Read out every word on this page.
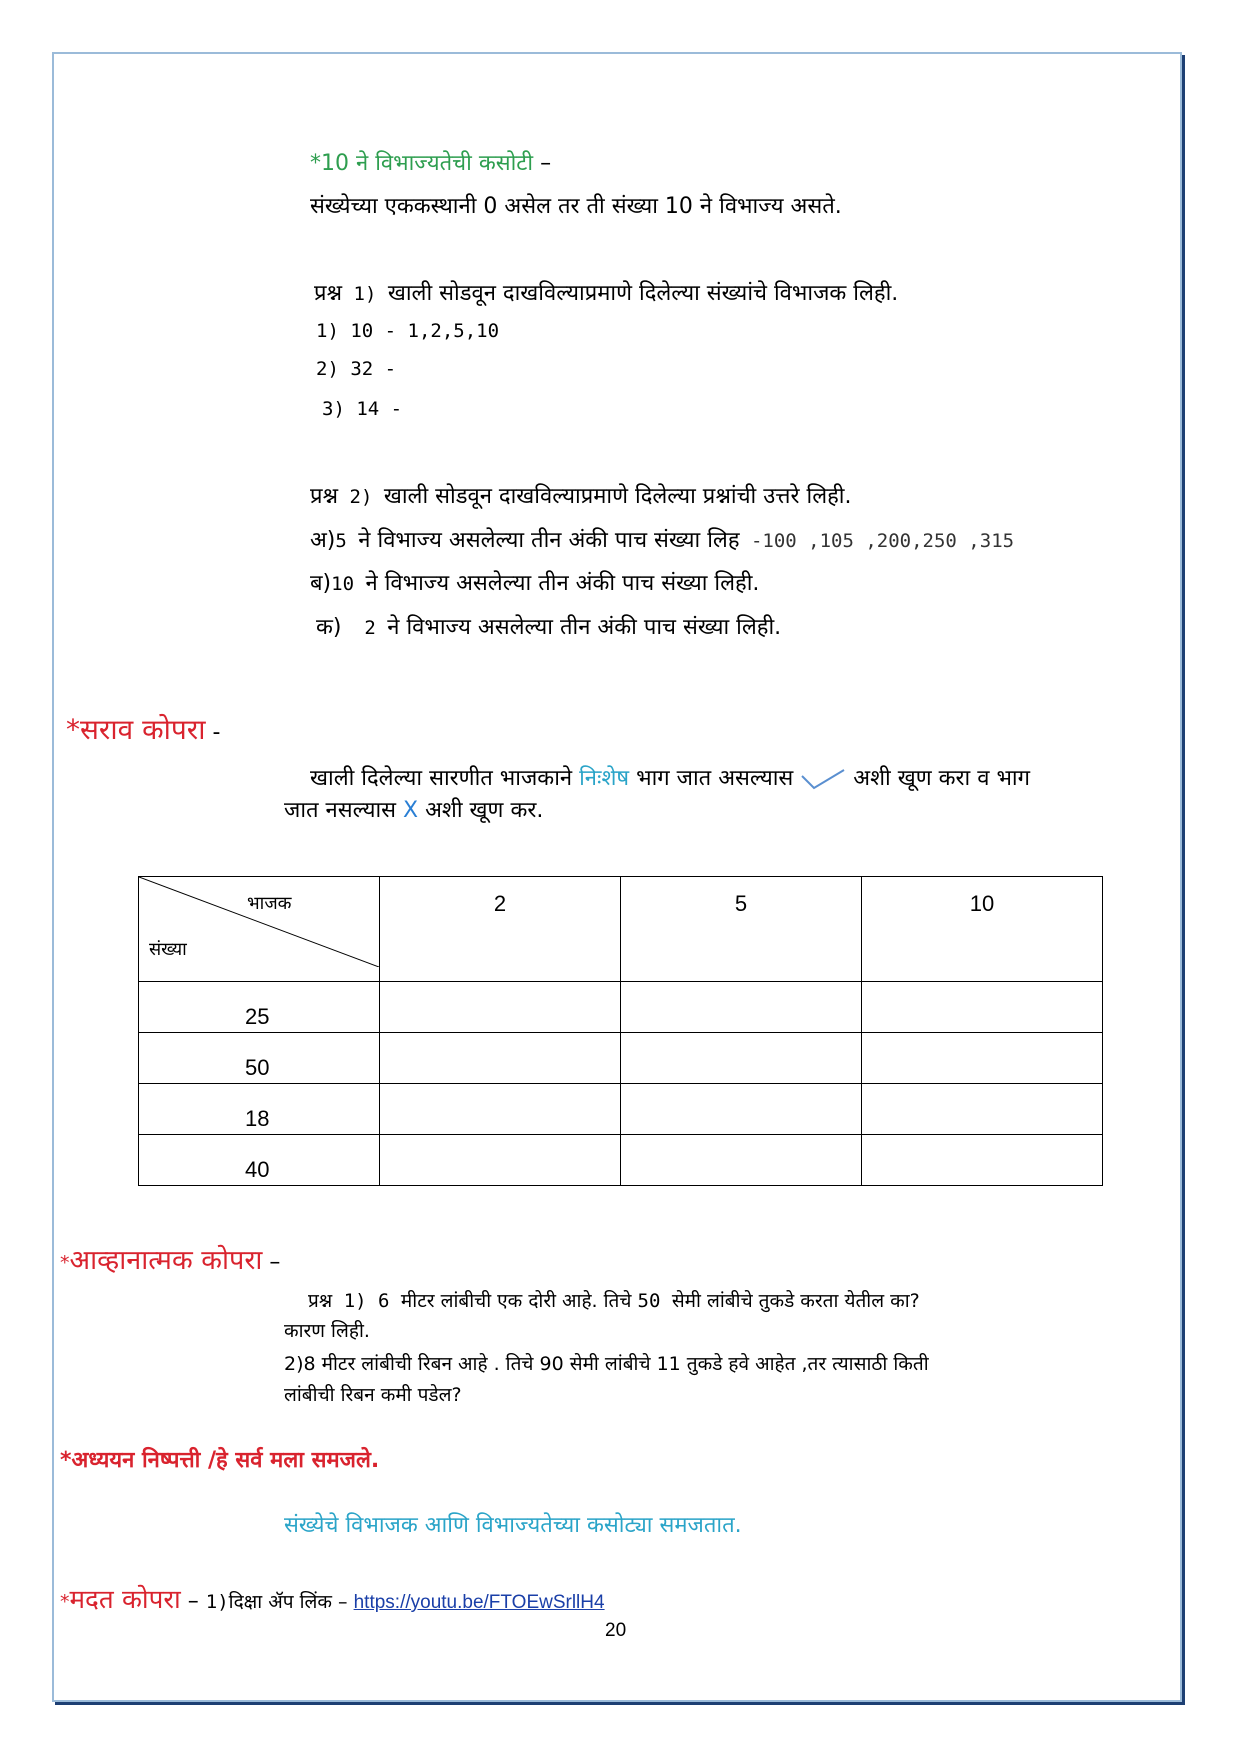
*10 ने विभाज्यतेची कसोटी –
संख्येच्या एककस्थानी 0 असेल तर ती संख्या 10 ने विभाज्य असते.
प्रश्न 1) खाली सोडवून दाखविल्याप्रमाणे दिलेल्या संख्यांचे विभाजक लिही.
1) 10 - 1,2,5,10
2) 32 -
3) 14 -
प्रश्न 2) खाली सोडवून दाखविल्याप्रमाणे दिलेल्या प्रश्नांची उत्तरे लिही.
अ)5 ने विभाज्य असलेल्या तीन अंकी पाच संख्या लिह -100 ,105 ,200,250 ,315
ब)10 ने विभाज्य असलेल्या तीन अंकी पाच संख्या लिही.
क)  2 ने विभाज्य असलेल्या तीन अंकी पाच संख्या लिही.
*सराव कोपरा -
खाली दिलेल्या सारणीत भाजकाने निःशेष भाग जात असल्यास  अशी खूण करा व भाग
जात नसल्यास X अशी खूण कर.
भाजक
संख्या	2	5	10
25			
50			
18			
40			
*आव्हानात्मक कोपरा –
प्रश्न 1) 6 मीटर लांबीची एक दोरी आहे. तिचे 50 सेमी लांबीचे तुकडे करता येतील का?
कारण लिही.
2)8 मीटर लांबीची रिबन आहे . तिचे 90 सेमी लांबीचे 11 तुकडे हवे आहेत ,तर त्यासाठी किती
लांबीची रिबन कमी पडेल?
*अध्ययन निष्पत्ती /हे सर्व मला समजले.
संख्येचे विभाजक आणि विभाज्यतेच्या कसोट्या समजतात.
*मदत कोपरा – 1)दिक्षा ॲप लिंक – https://youtu.be/FTOEwSrllH4
20
